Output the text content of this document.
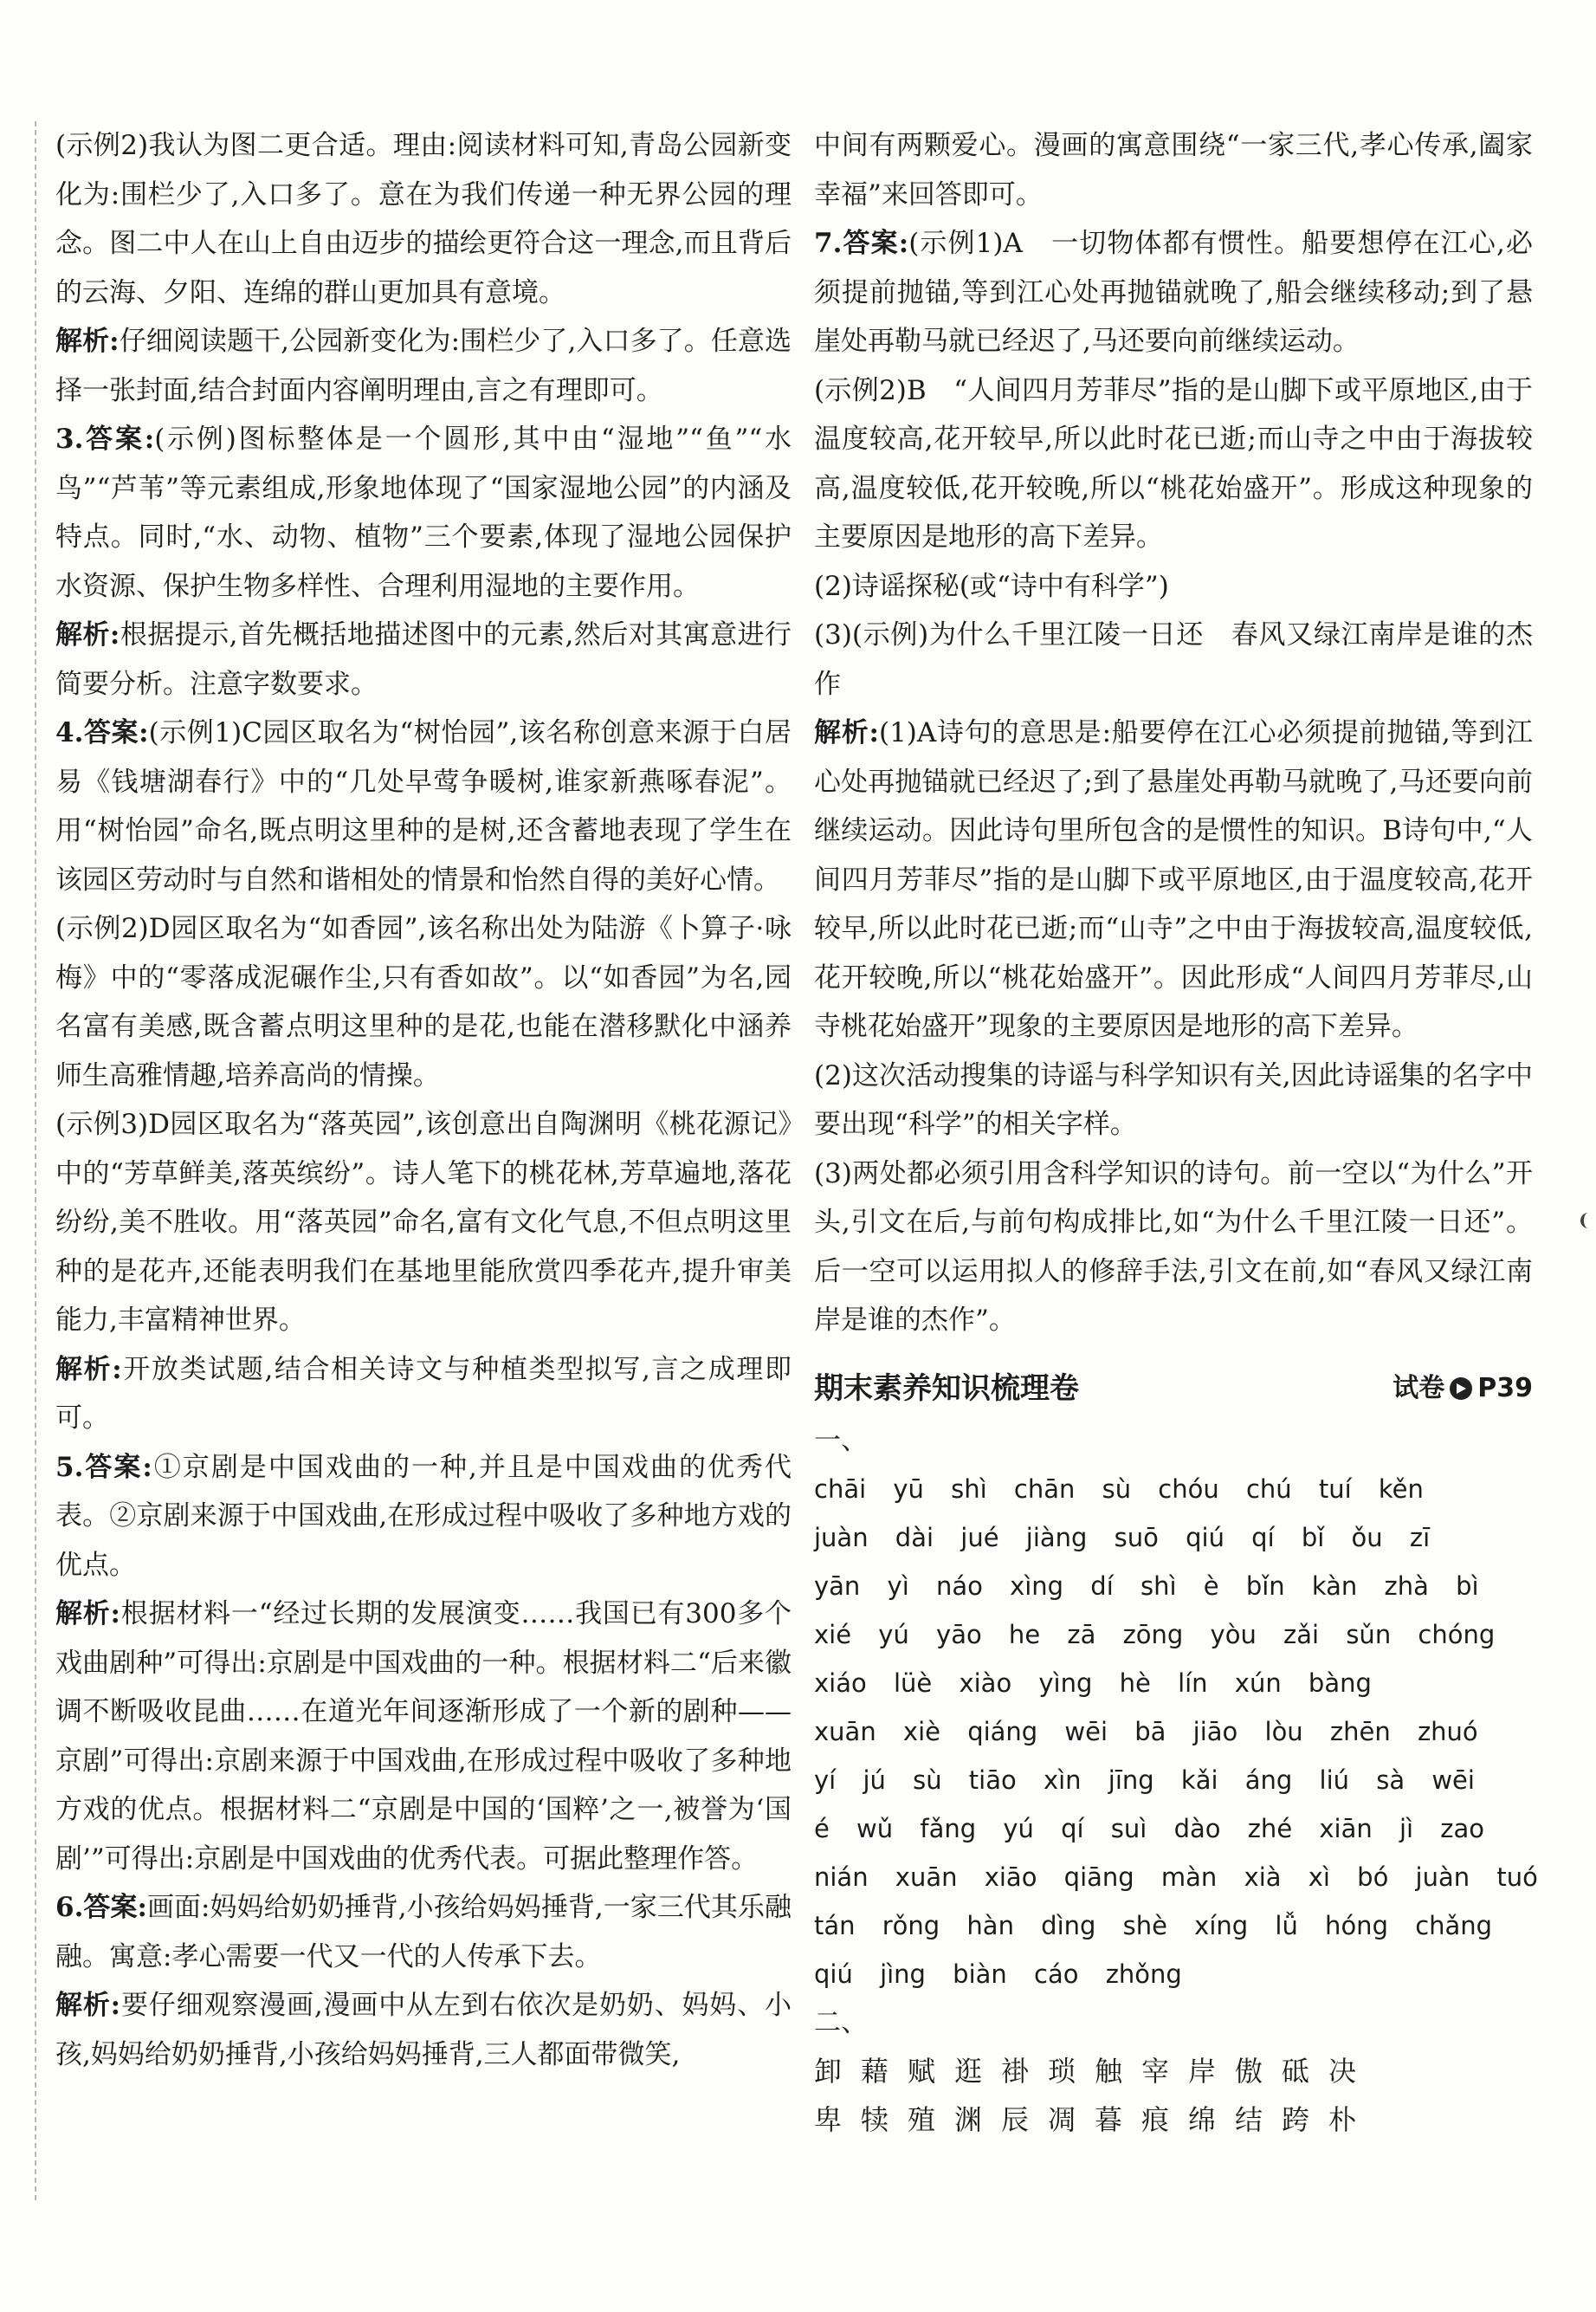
(示例2)我认为图二更合适。理由:阅读材料可知,青岛公园新变化为:围栏少了,入口多了。意在为我们传递一种无界公园的理念。图二中人在山上自由迈步的描绘更符合这一理念,而且背后的云海、夕阳、连绵的群山更加具有意境。

解析:仔细阅读题干,公园新变化为:围栏少了,入口多了。任意选择一张封面,结合封面内容阐明理由,言之有理即可。

3.答案:(示例)图标整体是一个圆形,其中由“湿地”“鱼”“水鸟”“芦苇”等元素组成,形象地体现了“国家湿地公园”的内涵及特点。同时,“水、动物、植物”三个要素,体现了湿地公园保护水资源、保护生物多样性、合理利用湿地的主要作用。

解析:根据提示,首先概括地描述图中的元素,然后对其寓意进行简要分析。注意字数要求。

4.答案:(示例1)C园区取名为“树怡园”,该名称创意来源于白居易《钱塘湖春行》中的“几处早莺争暖树,谁家新燕啄春泥”。用“树怡园”命名,既点明这里种的是树,还含蓄地表现了学生在该园区劳动时与自然和谐相处的情景和怡然自得的美好心情。

(示例2)D园区取名为“如香园”,该名称出处为陆游《卜算子·咏梅》中的“零落成泥碾作尘,只有香如故”。以“如香园”为名,园名富有美感,既含蓄点明这里种的是花,也能在潜移默化中涵养师生高雅情趣,培养高尚的情操。

(示例3)D园区取名为“落英园”,该创意出自陶渊明《桃花源记》中的“芳草鲜美,落英缤纷”。诗人笔下的桃花林,芳草遍地,落花纷纷,美不胜收。用“落英园”命名,富有文化气息,不但点明这里种的是花卉,还能表明我们在基地里能欣赏四季花卉,提升审美能力,丰富精神世界。

解析:开放类试题,结合相关诗文与种植类型拟写,言之成理即可。

5.答案:①京剧是中国戏曲的一种,并且是中国戏曲的优秀代表。②京剧来源于中国戏曲,在形成过程中吸收了多种地方戏的优点。

解析:根据材料一“经过长期的发展演变……我国已有300多个戏曲剧种”可得出:京剧是中国戏曲的一种。根据材料二“后来徽调不断吸收昆曲……在道光年间逐渐形成了一个新的剧种——京剧”可得出:京剧来源于中国戏曲,在形成过程中吸收了多种地方戏的优点。根据材料二“京剧是中国的‘国粹’之一,被誉为‘国剧’”可得出:京剧是中国戏曲的优秀代表。可据此整理作答。

6.答案:画面:妈妈给奶奶捶背,小孩给妈妈捶背,一家三代其乐融融。寓意:孝心需要一代又一代的人传承下去。

解析:要仔细观察漫画,漫画中从左到右依次是奶奶、妈妈、小孩,妈妈给奶奶捶背,小孩给妈妈捶背,三人都面带微笑,

中间有两颗爱心。漫画的寓意围绕“一家三代,孝心传承,阖家幸福”来回答即可。

7.答案:(示例1)A　一切物体都有惯性。船要想停在江心,必须提前抛锚,等到江心处再抛锚就晚了,船会继续移动;到了悬崖处再勒马就已经迟了,马还要向前继续运动。

(示例2)B　“人间四月芳菲尽”指的是山脚下或平原地区,由于温度较高,花开较早,所以此时花已逝;而山寺之中由于海拔较高,温度较低,花开较晚,所以“桃花始盛开”。形成这种现象的主要原因是地形的高下差异。

(2)诗谣探秘(或“诗中有科学”)

(3)(示例)为什么千里江陵一日还　春风又绿江南岸是谁的杰作

解析:(1)A诗句的意思是:船要停在江心必须提前抛锚,等到江心处再抛锚就已经迟了;到了悬崖处再勒马就晚了,马还要向前继续运动。因此诗句里所包含的是惯性的知识。B诗句中,“人间四月芳菲尽”指的是山脚下或平原地区,由于温度较高,花开较早,所以此时花已逝;而“山寺”之中由于海拔较高,温度较低,花开较晚,所以“桃花始盛开”。因此形成“人间四月芳菲尽,山寺桃花始盛开”现象的主要原因是地形的高下差异。

(2)这次活动搜集的诗谣与科学知识有关,因此诗谣集的名字中要出现“科学”的相关字样。

(3)两处都必须引用含科学知识的诗句。前一空以“为什么”开头,引文在后,与前句构成排比,如“为什么千里江陵一日还”。后一空可以运用拟人的修辞手法,引文在前,如“春风又绿江南岸是谁的杰作”。

期末素养知识梳理卷	试卷 P39
一、
chāi yū shì chān sù chóu chú tuí kěn
juàn dài jué jiàng suō qiú qí bǐ ǒu zī
yān yì náo xìng dí shì è bǐn kàn zhà bì
xié yú yāo he zā zōng yòu zǎi sǔn chóng
xiáo lüè xiào yìng hè lín xún bàng
xuān xiè qiáng wēi bā jiāo lòu zhēn zhuó
yí jú sù tiāo xìn jīng kǎi áng liú sà wēi
é wǔ fǎng yú qí suì dào zhé xiān jì zao
nián xuān xiāo qiāng màn xià xì bó juàn tuó
tán rǒng hàn dìng shè xíng lǚ hóng chǎng
qiú jìng biàn cáo zhǒng
二、
卸藉赋逛褂琐触宰岸傲砥决
卑犊殖渊辰凋暮痕绵结跨朴
